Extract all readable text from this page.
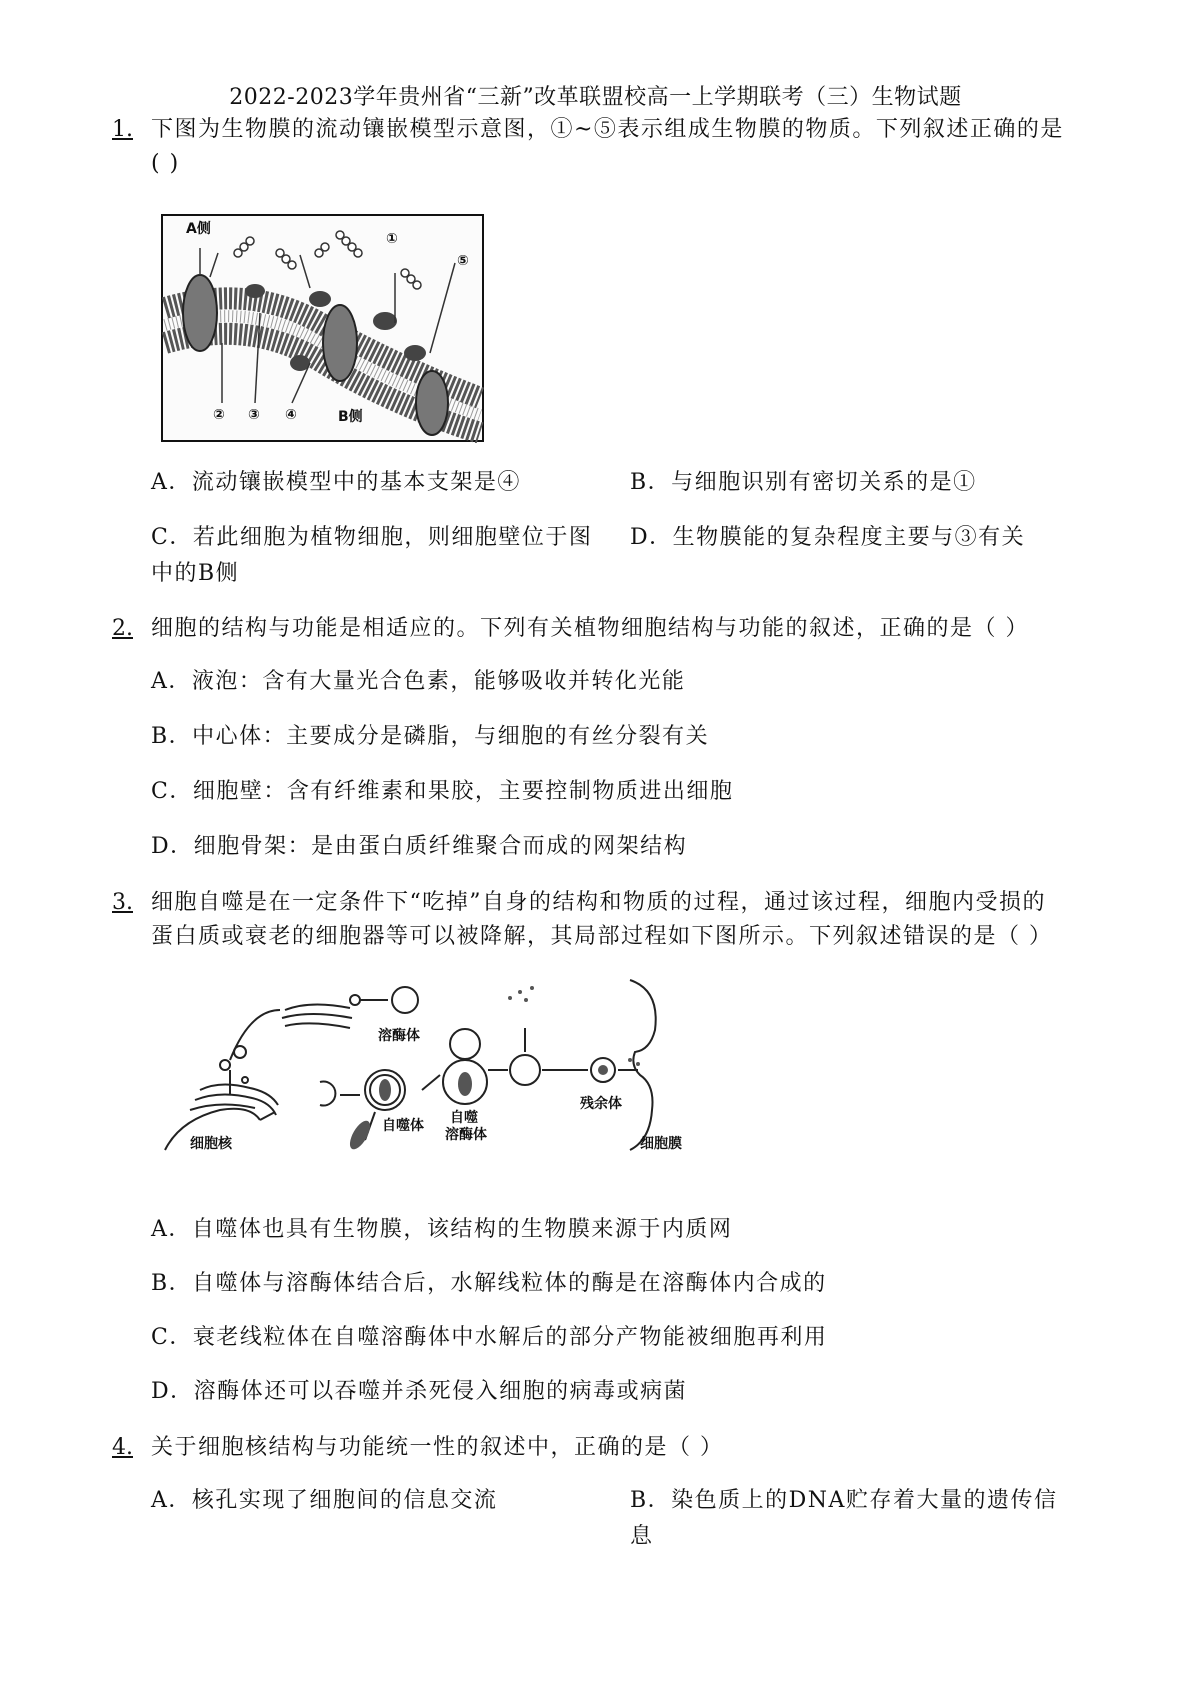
2022-2023学年贵州省“三新”改革联盟校高一上学期联考（三）生物试题
1. 下图为生物膜的流动镶嵌模型示意图，①~⑤表示组成生物膜的物质。下列叙述正确的是
( )
A侧
①
⑤
② ③ ④	B侧
A．流动镶嵌模型中的基本支架是④	B．与细胞识别有密切关系的是①
C．若此细胞为植物细胞，则细胞壁位于图
中的B侧
D．生物膜能的复杂程度主要与③有关
2. 细胞的结构与功能是相适应的。下列有关植物细胞结构与功能的叙述，正确的是（ ）
A．液泡：含有大量光合色素，能够吸收并转化光能
B．中心体：主要成分是磷脂，与细胞的有丝分裂有关
C．细胞壁：含有纤维素和果胶，主要控制物质进出细胞
D．细胞骨架：是由蛋白质纤维聚合而成的网架结构
3. 细胞自噬是在一定条件下“吃掉”自身的结构和物质的过程，通过该过程，细胞内受损的
蛋白质或衰老的细胞器等可以被降解，其局部过程如下图所示。下列叙述错误的是（ ）
溶酶体
自噬
溶酶体
自噬体
残余体
细胞核	细胞膜
A．自噬体也具有生物膜，该结构的生物膜来源于内质网
B．自噬体与溶酶体结合后，水解线粒体的酶是在溶酶体内合成的
C．衰老线粒体在自噬溶酶体中水解后的部分产物能被细胞再利用
D．溶酶体还可以吞噬并杀死侵入细胞的病毒或病菌
4. 关于细胞核结构与功能统一性的叙述中，正确的是（ ）
A．核孔实现了细胞间的信息交流	B．染色质上的DNA贮存着大量的遗传信
息
